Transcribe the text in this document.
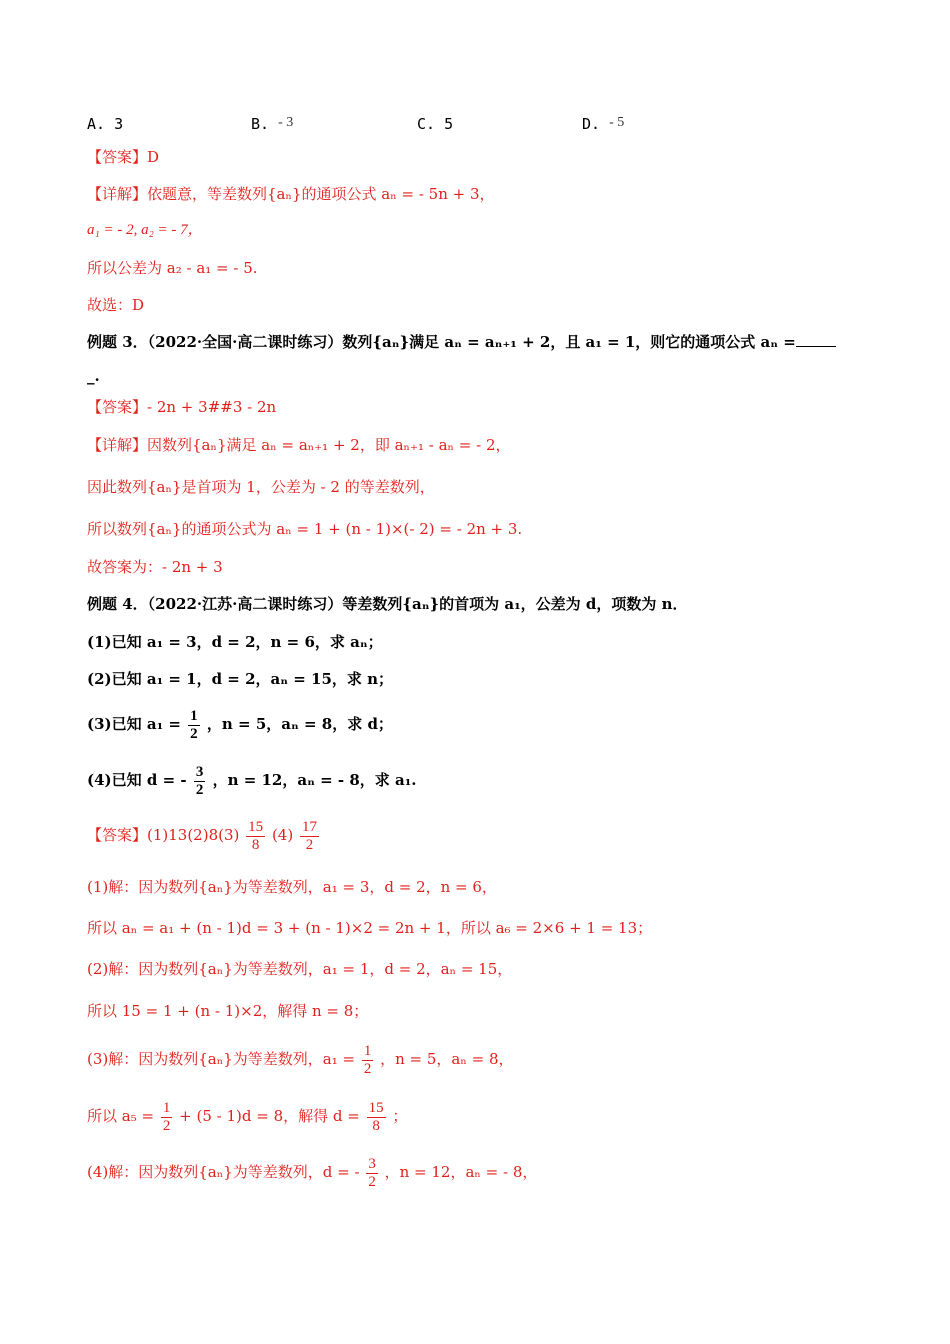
A. 3	B. - 3	C. 5	D. - 5
【答案】D
【详解】依题意，等差数列{aₙ}的通项公式 aₙ = - 5n + 3，
a₁ = - 2, a₂ = - 7，
所以公差为 a₂ - a₁ = - 5.
故选：D
例题 3．（2022·全国·高二课时练习）数列{aₙ}满足 aₙ = aₙ₊₁ + 2，且 a₁ = 1，则它的通项公式 aₙ =
_.
【答案】- 2n + 3##3 - 2n
【详解】因数列{aₙ}满足 aₙ = aₙ₊₁ + 2，即 aₙ₊₁ - aₙ = - 2，
因此数列{aₙ}是首项为 1，公差为 - 2 的等差数列，
所以数列{aₙ}的通项公式为 aₙ = 1 + (n - 1)×(- 2) = - 2n + 3.
故答案为：- 2n + 3
例题 4．（2022·江苏·高二课时练习）等差数列{aₙ}的首项为 a₁，公差为 d，项数为 n．
(1)已知 a₁ = 3，d = 2，n = 6，求 aₙ；
(2)已知 a₁ = 1，d = 2，aₙ = 15，求 n；
(3)已知 $a_1 = \frac{1}{2}$ ，n = 5，aₙ = 8，求 d；
(4)已知 d = - $\frac{3}{2}$ ，n = 12，aₙ = - 8，求 a₁.
【答案】$(1)13(2)8(3) \frac{15}{8} (4) \frac{17}{2}$
(1)解：因为数列{aₙ}为等差数列，a₁ = 3，d = 2，n = 6，
所以 aₙ = a₁ + (n - 1)d = 3 + (n - 1)×2 = 2n + 1，所以 a₆ = 2×6 + 1 = 13；
(2)解：因为数列{aₙ}为等差数列，a₁ = 1，d = 2，aₙ = 15，
所以 15 = 1 + (n - 1)×2，解得 n = 8；
(3)解：因为数列{aₙ}为等差数列，$a_1 = \frac{1}{2}$ ，n = 5，aₙ = 8，
所以 $a_5 = \frac{1}{2} + (5 - 1)d = 8$，解得 $d = \frac{15}{8}$ ；
(4)解：因为数列{aₙ}为等差数列，d = - $\frac{3}{2}$ ，n = 12，aₙ = - 8，
